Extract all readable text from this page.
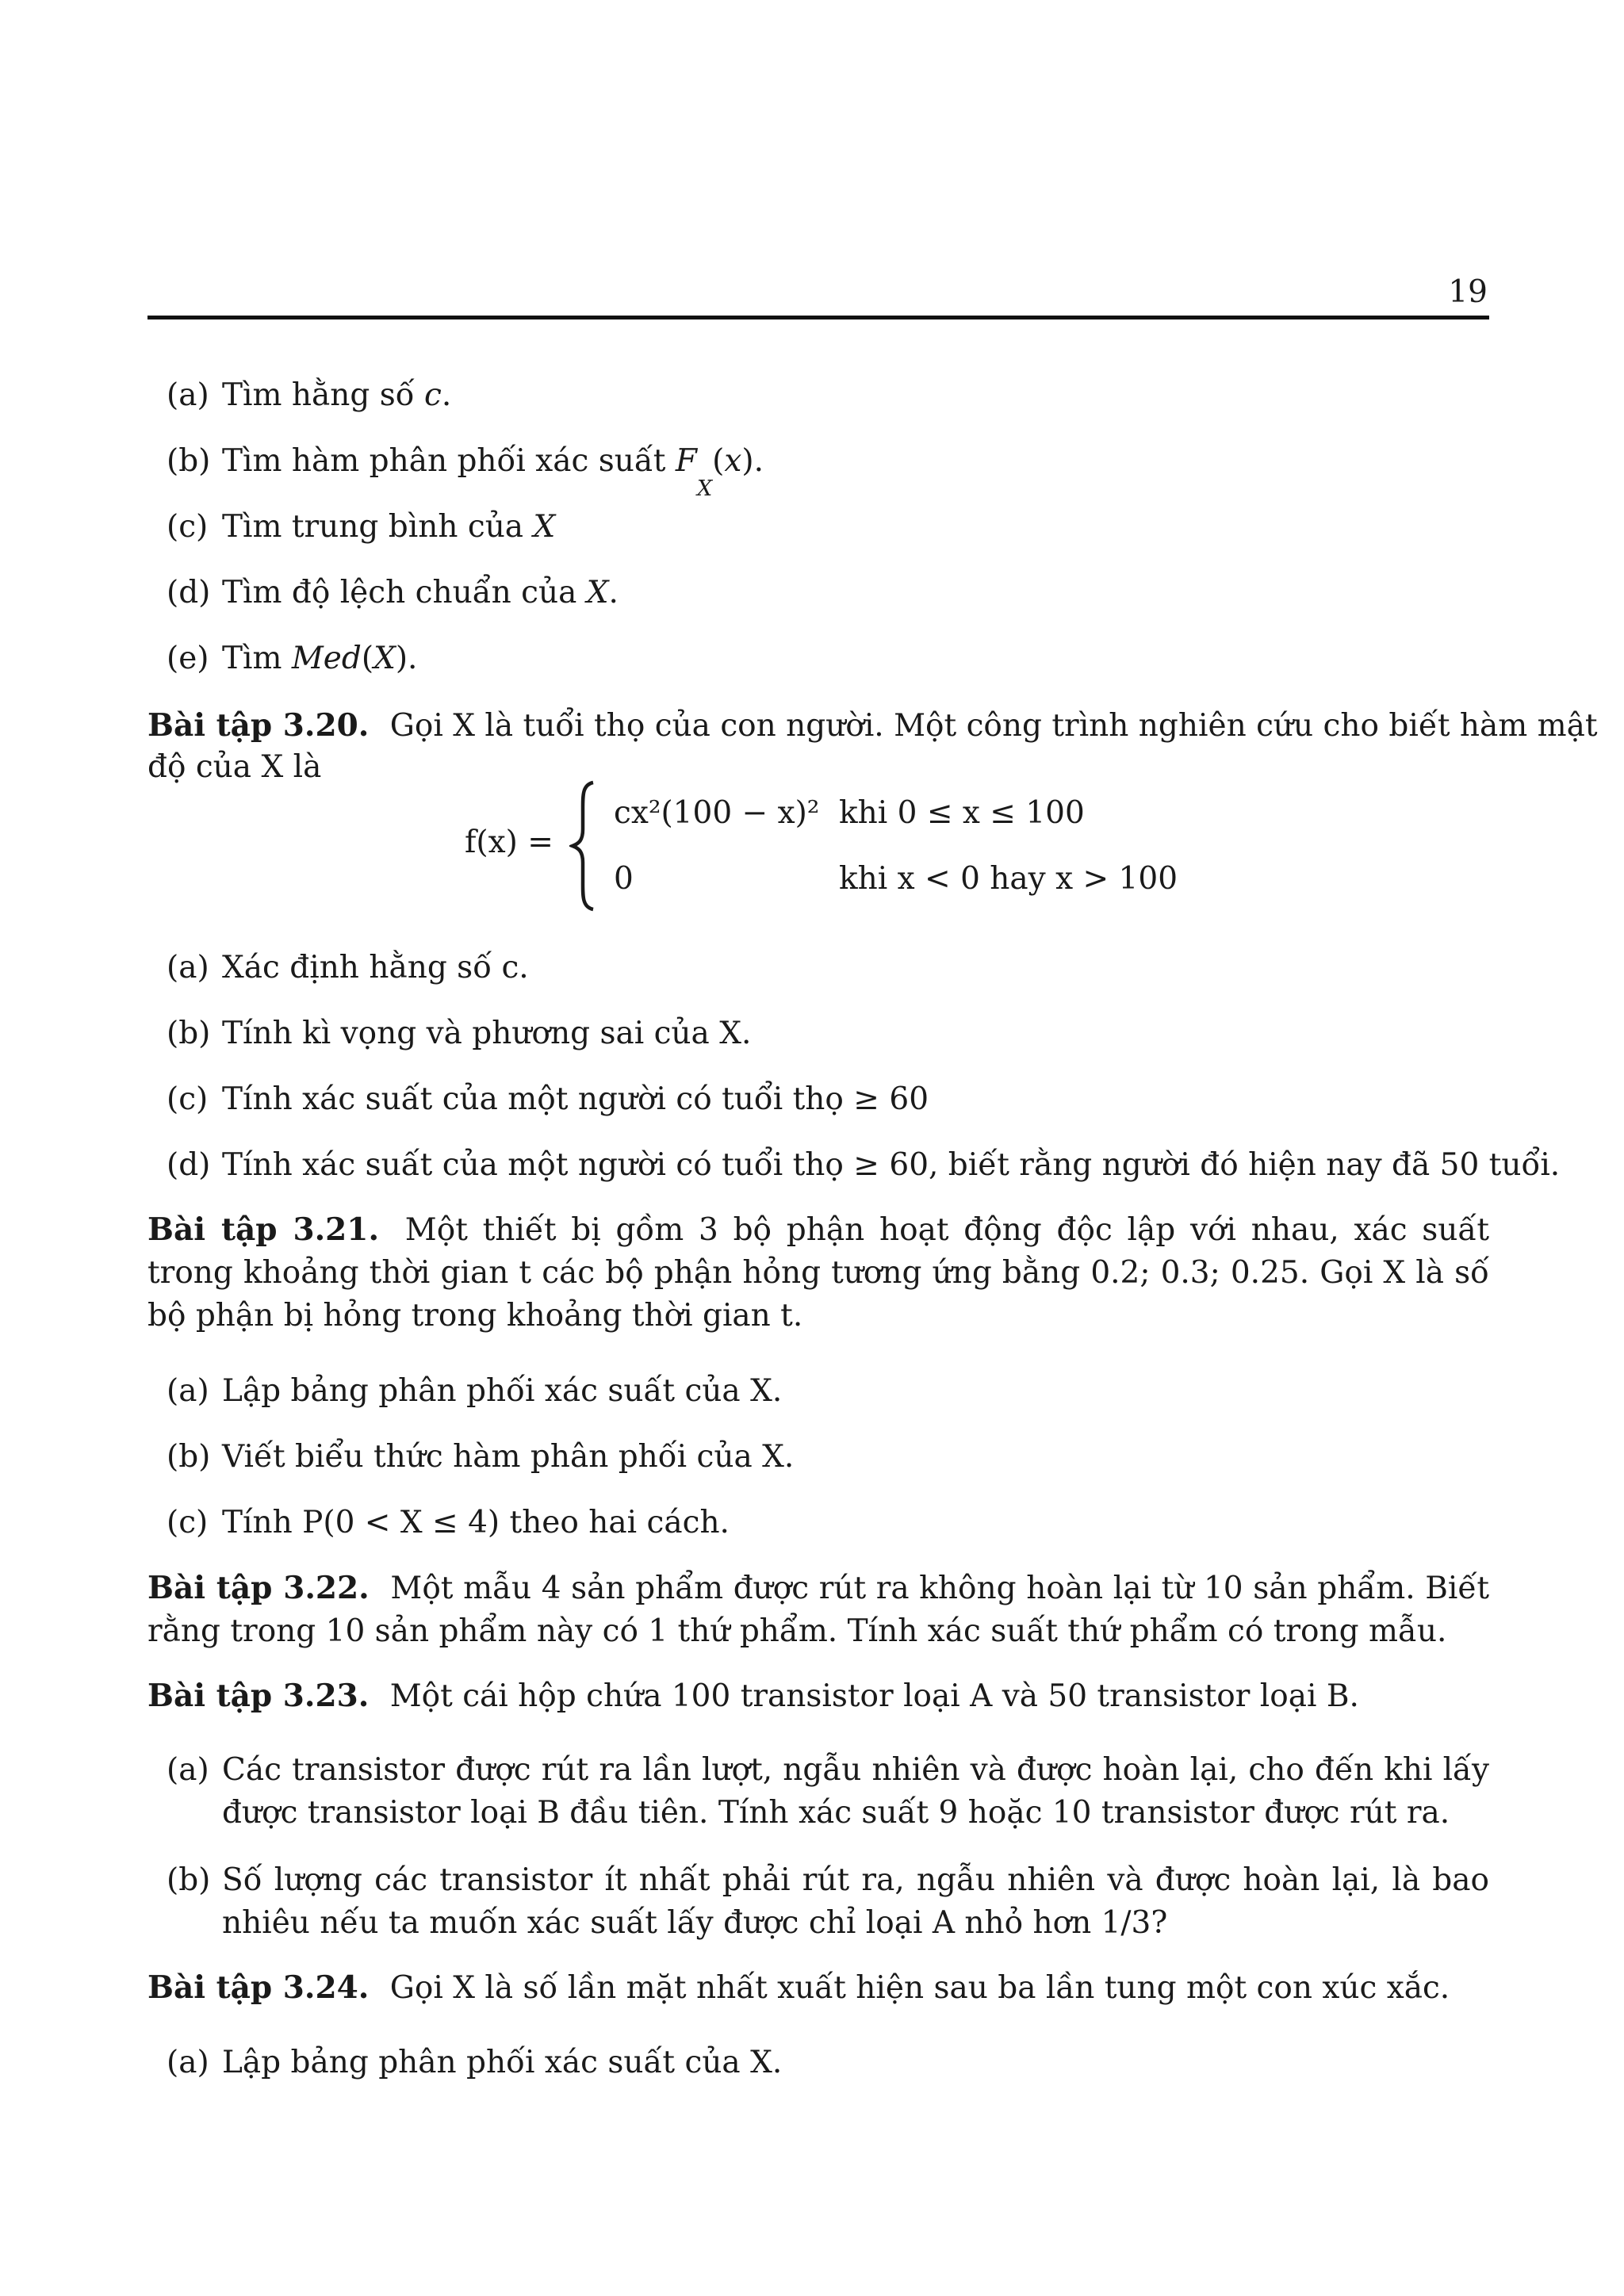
19
(a) Tìm hằng số c.
(b) Tìm hàm phân phối xác suất $F_X(x)$.
(c) Tìm trung bình của X
(d) Tìm độ lệch chuẩn của X.
(e) Tìm Med(X).
Bài tập 3.20. Gọi X là tuổi thọ của con người. Một công trình nghiên cứu cho biết hàm mật
độ của X là
f(x) =
cx²(100 − x)² khi 0 ≤ x ≤ 100
0	khi x < 0 hay x > 100
(a) Xác định hằng số c.
(b) Tính kì vọng và phương sai của X.
(c) Tính xác suất của một người có tuổi thọ ≥ 60
(d) Tính xác suất của một người có tuổi thọ ≥ 60, biết rằng người đó hiện nay đã 50 tuổi.
Bài tập 3.21. Một thiết bị gồm 3 bộ phận hoạt động độc lập với nhau, xác suất trong khoảng thời gian t các bộ phận hỏng tương ứng bằng 0.2; 0.3; 0.25. Gọi X là số bộ phận bị hỏng trong khoảng thời gian t.
(a) Lập bảng phân phối xác suất của X.
(b) Viết biểu thức hàm phân phối của X.
(c) Tính P(0 < X ≤ 4) theo hai cách.
Bài tập 3.22. Một mẫu 4 sản phẩm được rút ra không hoàn lại từ 10 sản phẩm. Biết rằng trong 10 sản phẩm này có 1 thứ phẩm. Tính xác suất thứ phẩm có trong mẫu.
Bài tập 3.23. Một cái hộp chứa 100 transistor loại A và 50 transistor loại B.
(a) Các transistor được rút ra lần lượt, ngẫu nhiên và được hoàn lại, cho đến khi lấy được transistor loại B đầu tiên. Tính xác suất 9 hoặc 10 transistor được rút ra.
(b) Số lượng các transistor ít nhất phải rút ra, ngẫu nhiên và được hoàn lại, là bao nhiêu nếu ta muốn xác suất lấy được chỉ loại A nhỏ hơn 1/3?
Bài tập 3.24. Gọi X là số lần mặt nhất xuất hiện sau ba lần tung một con xúc xắc.
(a) Lập bảng phân phối xác suất của X.
